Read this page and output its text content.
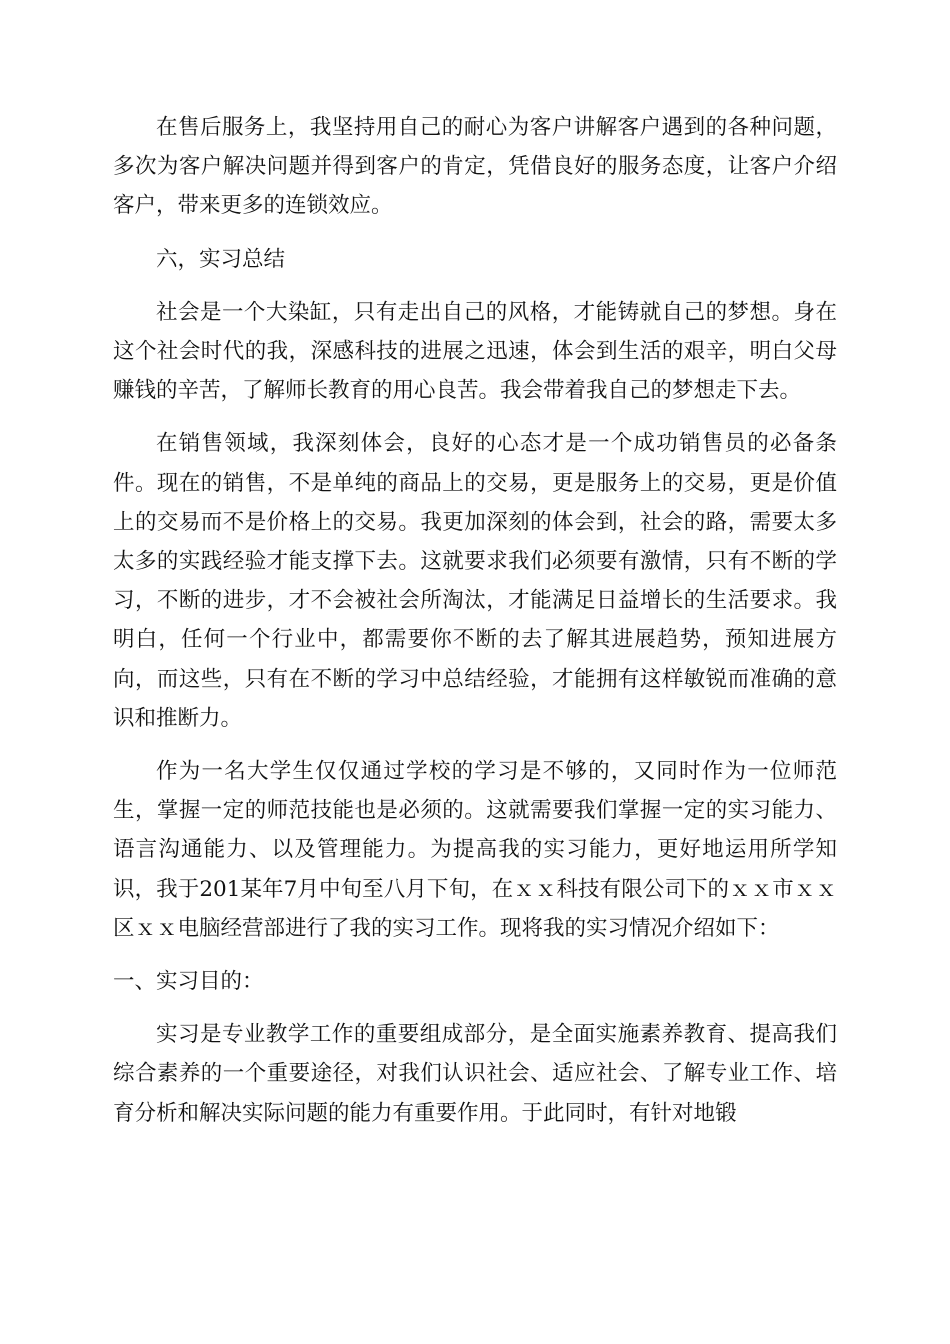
在售后服务上，我坚持用自己的耐心为客户讲解客户遇到的各种问题，多次为客户解决问题并得到客户的肯定，凭借良好的服务态度，让客户介绍客户，带来更多的连锁效应。

六，实习总结

社会是一个大染缸，只有走出自己的风格，才能铸就自己的梦想。身在这个社会时代的我，深感科技的进展之迅速，体会到生活的艰辛，明白父母赚钱的辛苦，了解师长教育的用心良苦。我会带着我自己的梦想走下去。

在销售领域，我深刻体会，良好的心态才是一个成功销售员的必备条件。现在的销售，不是单纯的商品上的交易，更是服务上的交易，更是价值上的交易而不是价格上的交易。我更加深刻的体会到，社会的路，需要太多太多的实践经验才能支撑下去。这就要求我们必须要有激情，只有不断的学习，不断的进步，才不会被社会所淘汰，才能满足日益增长的生活要求。我明白，任何一个行业中，都需要你不断的去了解其进展趋势，预知进展方向，而这些，只有在不断的学习中总结经验，才能拥有这样敏锐而准确的意识和推断力。

作为一名大学生仅仅通过学校的学习是不够的，又同时作为一位师范生，掌握一定的师范技能也是必须的。这就需要我们掌握一定的实习能力、语言沟通能力、以及管理能力。为提高我的实习能力，更好地运用所学知识，我于201某年7月中旬至八月下旬，在ｘｘ科技有限公司下的ｘｘ市ｘｘ区ｘｘ电脑经营部进行了我的实习工作。现将我的实习情况介绍如下：

一、实习目的：

实习是专业教学工作的重要组成部分，是全面实施素养教育、提高我们综合素养的一个重要途径，对我们认识社会、适应社会、了解专业工作、培育分析和解决实际问题的能力有重要作用。于此同时，有针对地锻
